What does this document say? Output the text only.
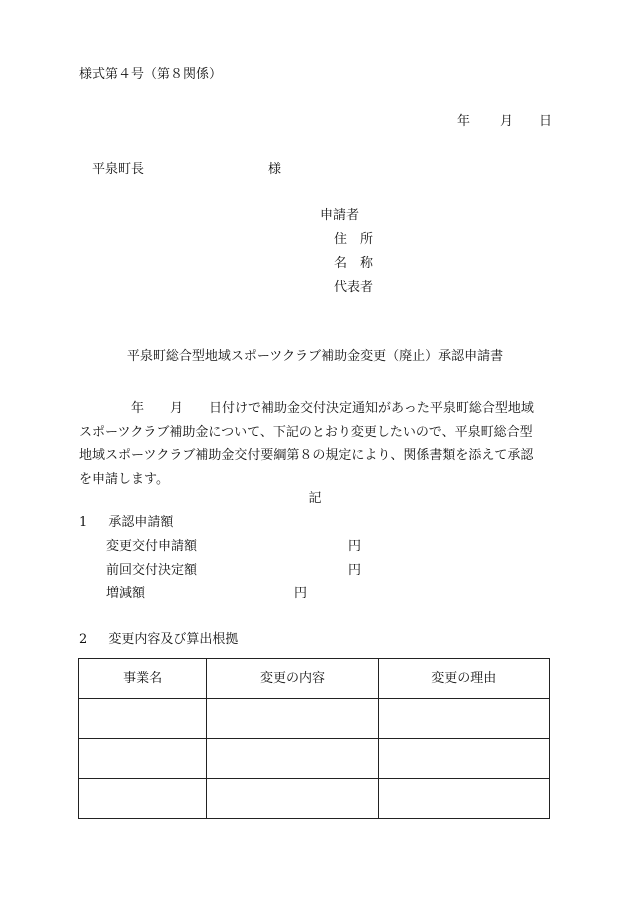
様式第４号（第８関係）
年 月 日
平泉町長	様
申請者
住　所
名　称
代表者
平泉町総合型地域スポーツクラブ補助金変更（廃止）承認申請書
　　　　年　　月　　日付けで補助金交付決定通知があった平泉町総合型地域
スポーツクラブ補助金について、下記のとおり変更したいので、平泉町総合型
地域スポーツクラブ補助金交付要綱第８の規定により、関係書類を添えて承認
を申請します。
記
1 承認申請額
変更交付申請額	円
前回交付決定額	円
増減額	円
2 変更内容及び算出根拠
事業名	変更の内容	変更の理由
